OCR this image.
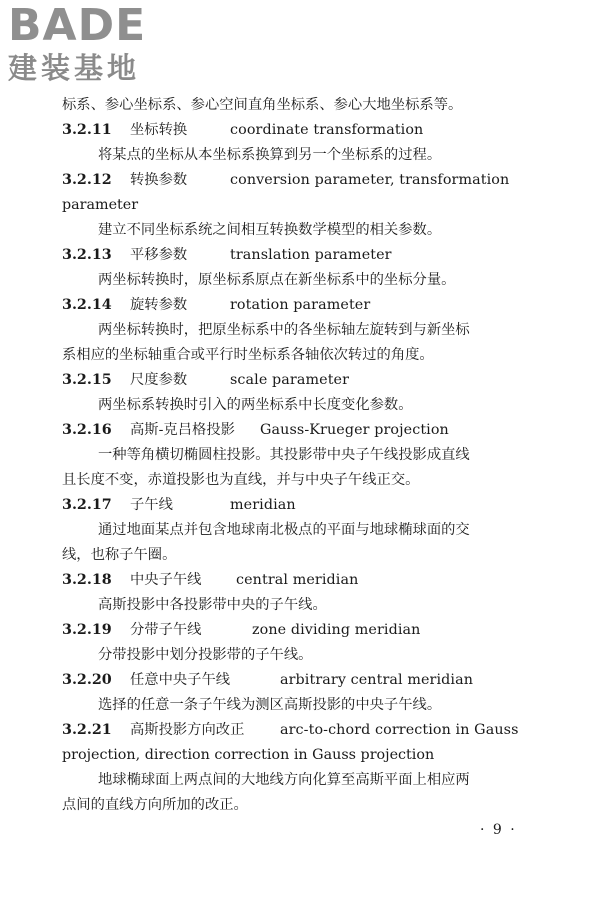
BADE
建装基地
标系、参心坐标系、参心空间直角坐标系、参心大地坐标系等。
3.2.11 坐标转换	coordinate transformation
将某点的坐标从本坐标系换算到另一个坐标系的过程。
3.2.12 转换参数	conversion parameter, transformation
parameter
建立不同坐标系统之间相互转换数学模型的相关参数。
3.2.13 平移参数	translation parameter
两坐标转换时，原坐标系原点在新坐标系中的坐标分量。
3.2.14 旋转参数	rotation parameter
两坐标转换时，把原坐标系中的各坐标轴左旋转到与新坐标
系相应的坐标轴重合或平行时坐标系各轴依次转过的角度。
3.2.15 尺度参数	scale parameter
两坐标系转换时引入的两坐标系中长度变化参数。
3.2.16 高斯-克吕格投影 Gauss-Krueger projection
一种等角横切椭圆柱投影。其投影带中央子午线投影成直线
且长度不变，赤道投影也为直线，并与中央子午线正交。
3.2.17 子午线	meridian
通过地面某点并包含地球南北极点的平面与地球椭球面的交
线，也称子午圈。
3.2.18 中央子午线 central meridian
高斯投影中各投影带中央的子午线。
3.2.19 分带子午线	zone dividing meridian
分带投影中划分投影带的子午线。
3.2.20 任意中央子午线	arbitrary central meridian
选择的任意一条子午线为测区高斯投影的中央子午线。
3.2.21 高斯投影方向改正 arc-to-chord correction in Gauss
projection, direction correction in Gauss projection
地球椭球面上两点间的大地线方向化算至高斯平面上相应两
点间的直线方向所加的改正。
· 9 ·
